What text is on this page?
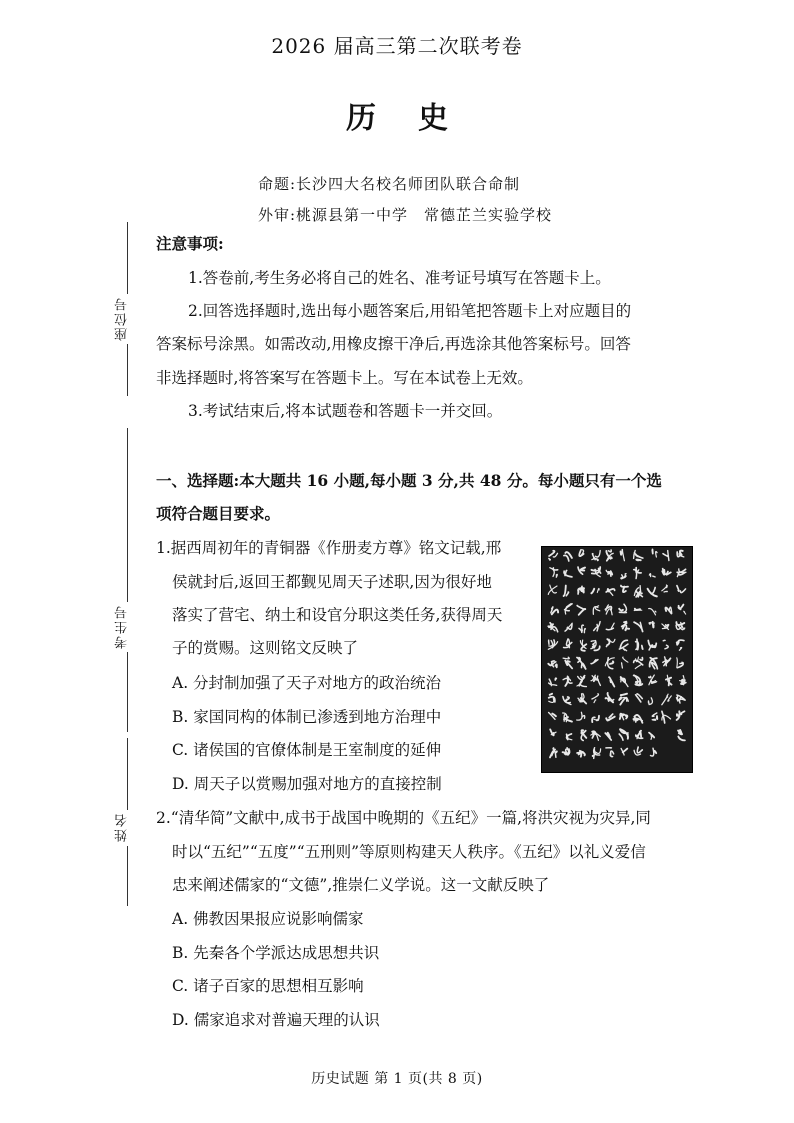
2026 届高三第二次联考卷
历史
命题:长沙四大名校名师团队联合命制
外审:桃源县第一中学　常德芷兰实验学校
座位号
考生号
姓名
注意事项:
1.答卷前,考生务必将自己的姓名、准考证号填写在答题卡上。
2.回答选择题时,选出每小题答案后,用铅笔把答题卡上对应题目的
答案标号涂黑。如需改动,用橡皮擦干净后,再选涂其他答案标号。回答
非选择题时,将答案写在答题卡上。写在本试卷上无效。
3.考试结束后,将本试题卷和答题卡一并交回。
一、选择题:本大题共 16 小题,每小题 3 分,共 48 分。每小题只有一个选
项符合题目要求。
1.据西周初年的青铜器《作册麦方尊》铭文记载,邢
侯就封后,返回王都觐见周天子述职,因为很好地
落实了营宅、纳土和设官分职这类任务,获得周天
子的赏赐。这则铭文反映了
A. 分封制加强了天子对地方的政治统治
B. 家国同构的体制已渗透到地方治理中
C. 诸侯国的官僚体制是王室制度的延伸
D. 周天子以赏赐加强对地方的直接控制
2.“清华简”文献中,成书于战国中晚期的《五纪》一篇,将洪灾视为灾异,同
时以“五纪”“五度”“五刑则”等原则构建天人秩序。《五纪》以礼义爱信
忠来阐述儒家的“文德”,推崇仁义学说。这一文献反映了
A. 佛教因果报应说影响儒家
B. 先秦各个学派达成思想共识
C. 诸子百家的思想相互影响
D. 儒家追求对普遍天理的认识
历史试题 第 1 页(共 8 页)
